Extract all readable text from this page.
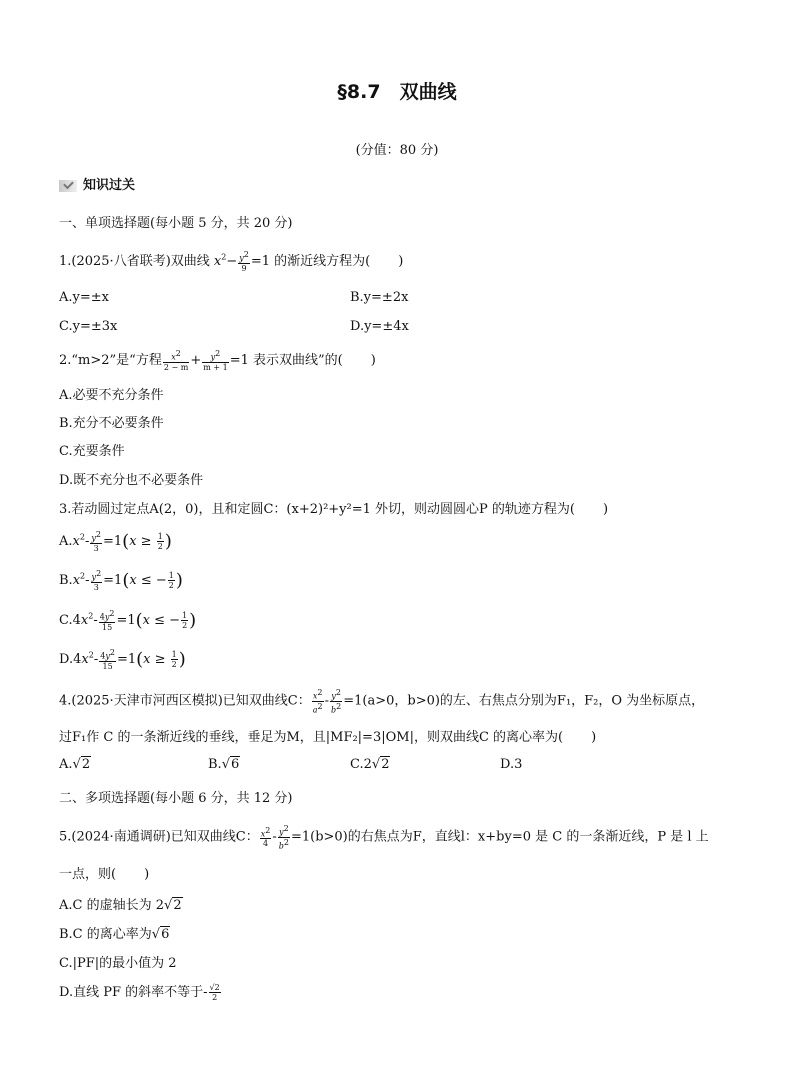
§8.7　双曲线
(分值：80 分)
知识过关
一、单项选择题(每小题 5 分，共 20 分)
1.(2025·八省联考)双曲线 $x^2- \frac{y^2}{9} =1$ 的渐近线方程为( )
A.y=±x	B.y=±2x
C.y=±3x	D.y=±4x
2.“m>2”是“方程 $\frac{x^2}{2 - m} + \frac{y^2}{m + 1} =1$ 表示双曲线”的( )
A.必要不充分条件
B.充分不必要条件
C.充要条件
D.既不充分也不必要条件
3.若动圆过定点A(2，0)，且和定圆C：(x+2)²+y²=1 外切，则动圆圆心P 的轨迹方程为( )
$A.x^2- \frac{y^2}{3} =1(x \ge \frac{1}{2}$ )
$B.x^2- \frac{y^2}{3} =1(x$ ≤ − $\frac{1}{2}$ )
$C.4x^2- \frac{4y^2}{15} =1(x$ ≤ − $\frac{1}{2}$ )
$D.4x^2- \frac{4y^2}{15} =1(x \ge \frac{1}{2}$ )
4.(2025·天津市河西区模拟)已知双曲线C： $\frac{x^2}{a^2} - \frac{y^2}{b^2} =1(a>0$，b>0)的左、右焦点分别为F₁，F₂，O 为坐标原点，
过F₁作 C 的一条渐近线的垂线，垂足为M，且|MF₂|=3|OM|，则双曲线C 的离心率为( )
A.√2	B.√6	C.2√2	D.3
二、多项选择题(每小题 6 分，共 12 分)
5.(2024·南通调研)已知双曲线C： $\frac{x^2}{4} - \frac{y^2}{b^2} =1(b>0)$的右焦点为F，直线l：x+by=0 是 C 的一条渐近线，P 是 l 上
一点，则( )
A.C 的虚轴长为 2√2
B.C 的离心率为√6
C.|PF|的最小值为 2
D.直线 PF 的斜率不等于- $\frac{√2}{2}$
